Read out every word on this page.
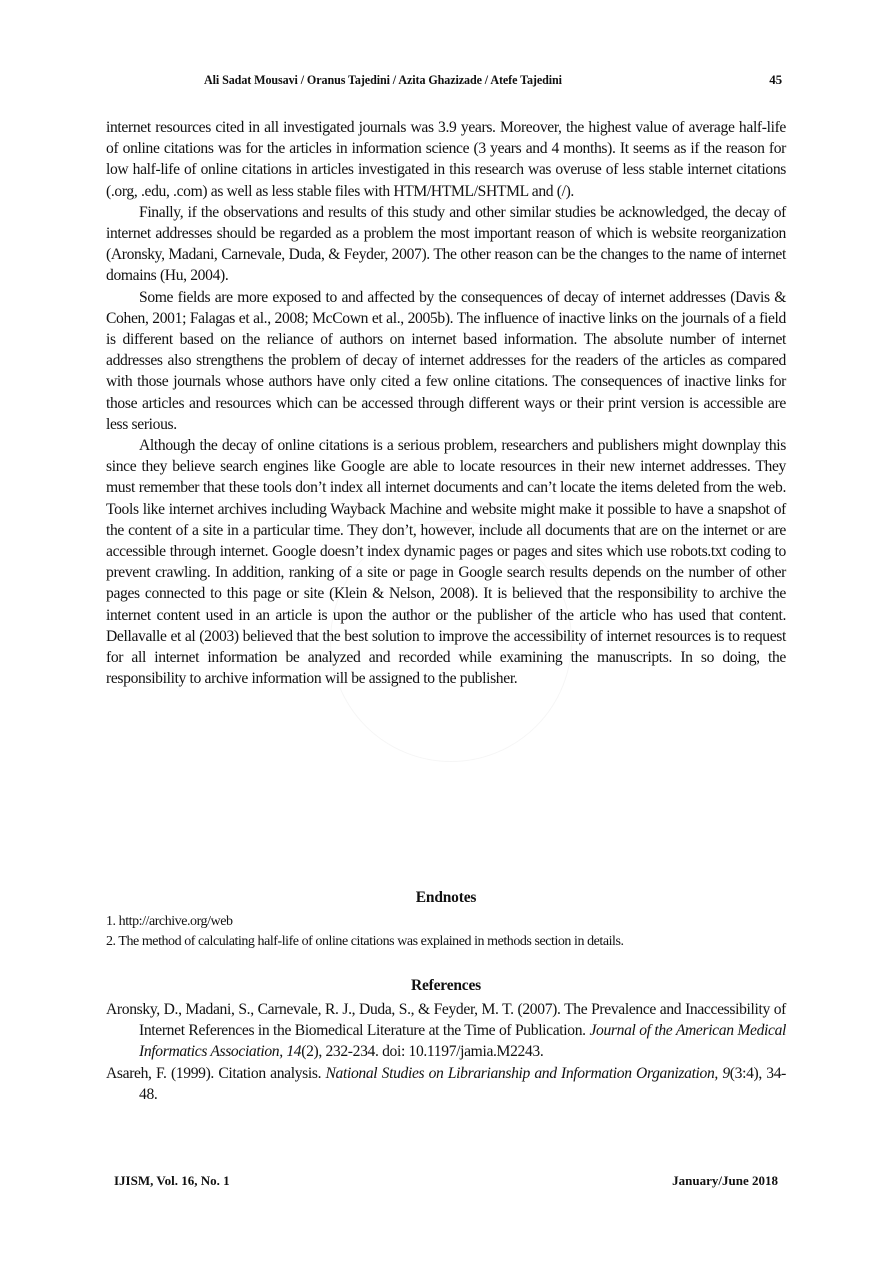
Ali Sadat Mousavi / Oranus Tajedini / Azita Ghazizade / Atefe Tajedini	45

internet resources cited in all investigated journals was 3.9 years. Moreover, the highest value of average half-life of online citations was for the articles in information science (3 years and 4 months). It seems as if the reason for low half-life of online citations in articles investigated in this research was overuse of less stable internet citations (.org, .edu, .com) as well as less stable files with HTM/HTML/SHTML and (/).

Finally, if the observations and results of this study and other similar studies be acknowledged, the decay of internet addresses should be regarded as a problem the most important reason of which is website reorganization (Aronsky, Madani, Carnevale, Duda, & Feyder, 2007). The other reason can be the changes to the name of internet domains (Hu, 2004).

Some fields are more exposed to and affected by the consequences of decay of internet addresses (Davis & Cohen, 2001; Falagas et al., 2008; McCown et al., 2005b). The influence of inactive links on the journals of a field is different based on the reliance of authors on internet based information. The absolute number of internet addresses also strengthens the problem of decay of internet addresses for the readers of the articles as compared with those journals whose authors have only cited a few online citations. The consequences of inactive links for those articles and resources which can be accessed through different ways or their print version is accessible are less serious.

Although the decay of online citations is a serious problem, researchers and publishers might downplay this since they believe search engines like Google are able to locate resources in their new internet addresses. They must remember that these tools don’t index all internet documents and can’t locate the items deleted from the web. Tools like internet archives including Wayback Machine and website might make it possible to have a snapshot of the content of a site in a particular time. They don’t, however, include all documents that are on the internet or are accessible through internet. Google doesn’t index dynamic pages or pages and sites which use robots.txt coding to prevent crawling. In addition, ranking of a site or page in Google search results depends on the number of other pages connected to this page or site (Klein & Nelson, 2008). It is believed that the responsibility to archive the internet content used in an article is upon the author or the publisher of the article who has used that content. Dellavalle et al (2003) believed that the best solution to improve the accessibility of internet resources is to request for all internet information be analyzed and recorded while examining the manuscripts. In so doing, the responsibility to archive information will be assigned to the publisher.

Endnotes
1. http://archive.org/web
2. The method of calculating half-life of online citations was explained in methods section in details.
References

Aronsky, D., Madani, S., Carnevale, R. J., Duda, S., & Feyder, M. T. (2007). The Prevalence and Inaccessibility of Internet References in the Biomedical Literature at the Time of Publication. Journal of the American Medical Informatics Association, 14(2), 232-234. doi: 10.1197/jamia.M2243.

Asareh, F. (1999). Citation analysis. National Studies on Librarianship and Information Organization, 9(3:4), 34-48.

IJISM, Vol. 16, No. 1	January/June 2018
